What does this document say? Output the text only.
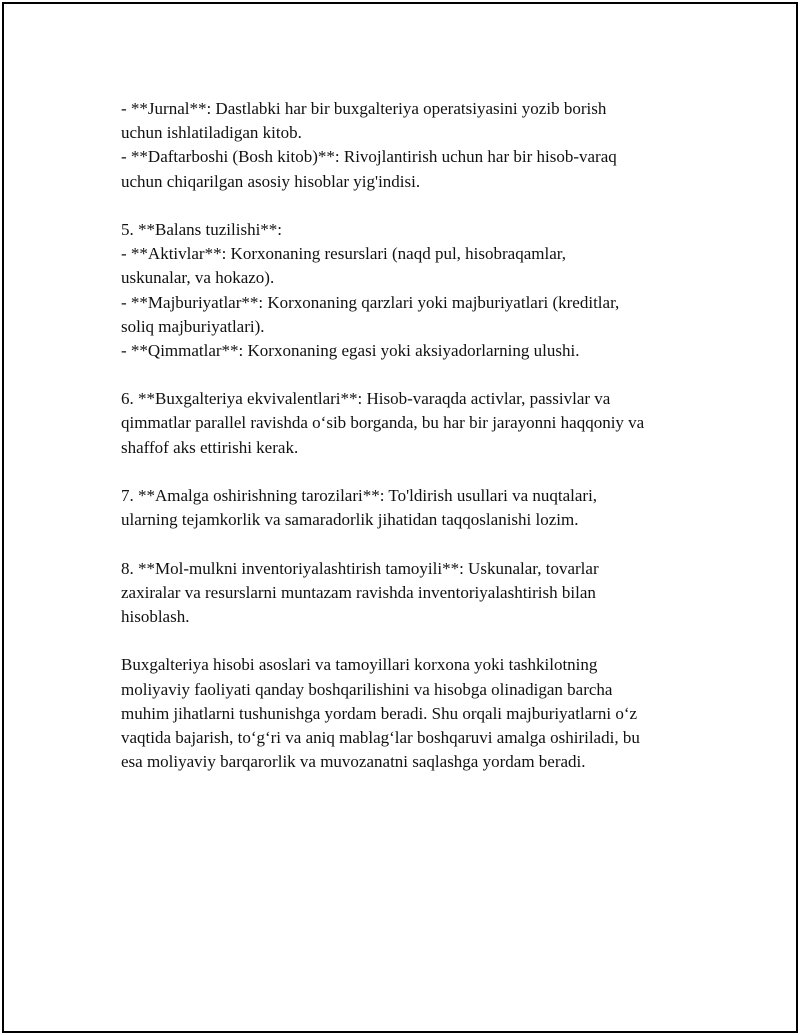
- **Jurnal**: Dastlabki har bir buxgalteriya operatsiyasini yozib borish
uchun ishlatiladigan kitob.
- **Daftarboshi (Bosh kitob)**: Rivojlantirish uchun har bir hisob-varaq
uchun chiqarilgan asosiy hisoblar yig'indisi.
5. **Balans tuzilishi**:
- **Aktivlar**: Korxonaning resurslari (naqd pul, hisobraqamlar,
uskunalar, va hokazo).
- **Majburiyatlar**: Korxonaning qarzlari yoki majburiyatlari (kreditlar,
soliq majburiyatlari).
- **Qimmatlar**: Korxonaning egasi yoki aksiyadorlarning ulushi.
6. **Buxgalteriya ekvivalentlari**: Hisob-varaqda activlar, passivlar va
qimmatlar parallel ravishda o‘sib borganda, bu har bir jarayonni haqqoniy va
shaffof aks ettirishi kerak.
7. **Amalga oshirishning tarozilari**: To'ldirish usullari va nuqtalari,
ularning tejamkorlik va samaradorlik jihatidan taqqoslanishi lozim.
8. **Mol-mulkni inventoriyalashtirish tamoyili**: Uskunalar, tovarlar
zaxiralar va resurslarni muntazam ravishda inventoriyalashtirish bilan
hisoblash.
Buxgalteriya hisobi asoslari va tamoyillari korxona yoki tashkilotning
moliyaviy faoliyati qanday boshqarilishini va hisobga olinadigan barcha
muhim jihatlarni tushunishga yordam beradi. Shu orqali majburiyatlarni o‘z
vaqtida bajarish, to‘g‘ri va aniq mablag‘lar boshqaruvi amalga oshiriladi, bu
esa moliyaviy barqarorlik va muvozanatni saqlashga yordam beradi.
